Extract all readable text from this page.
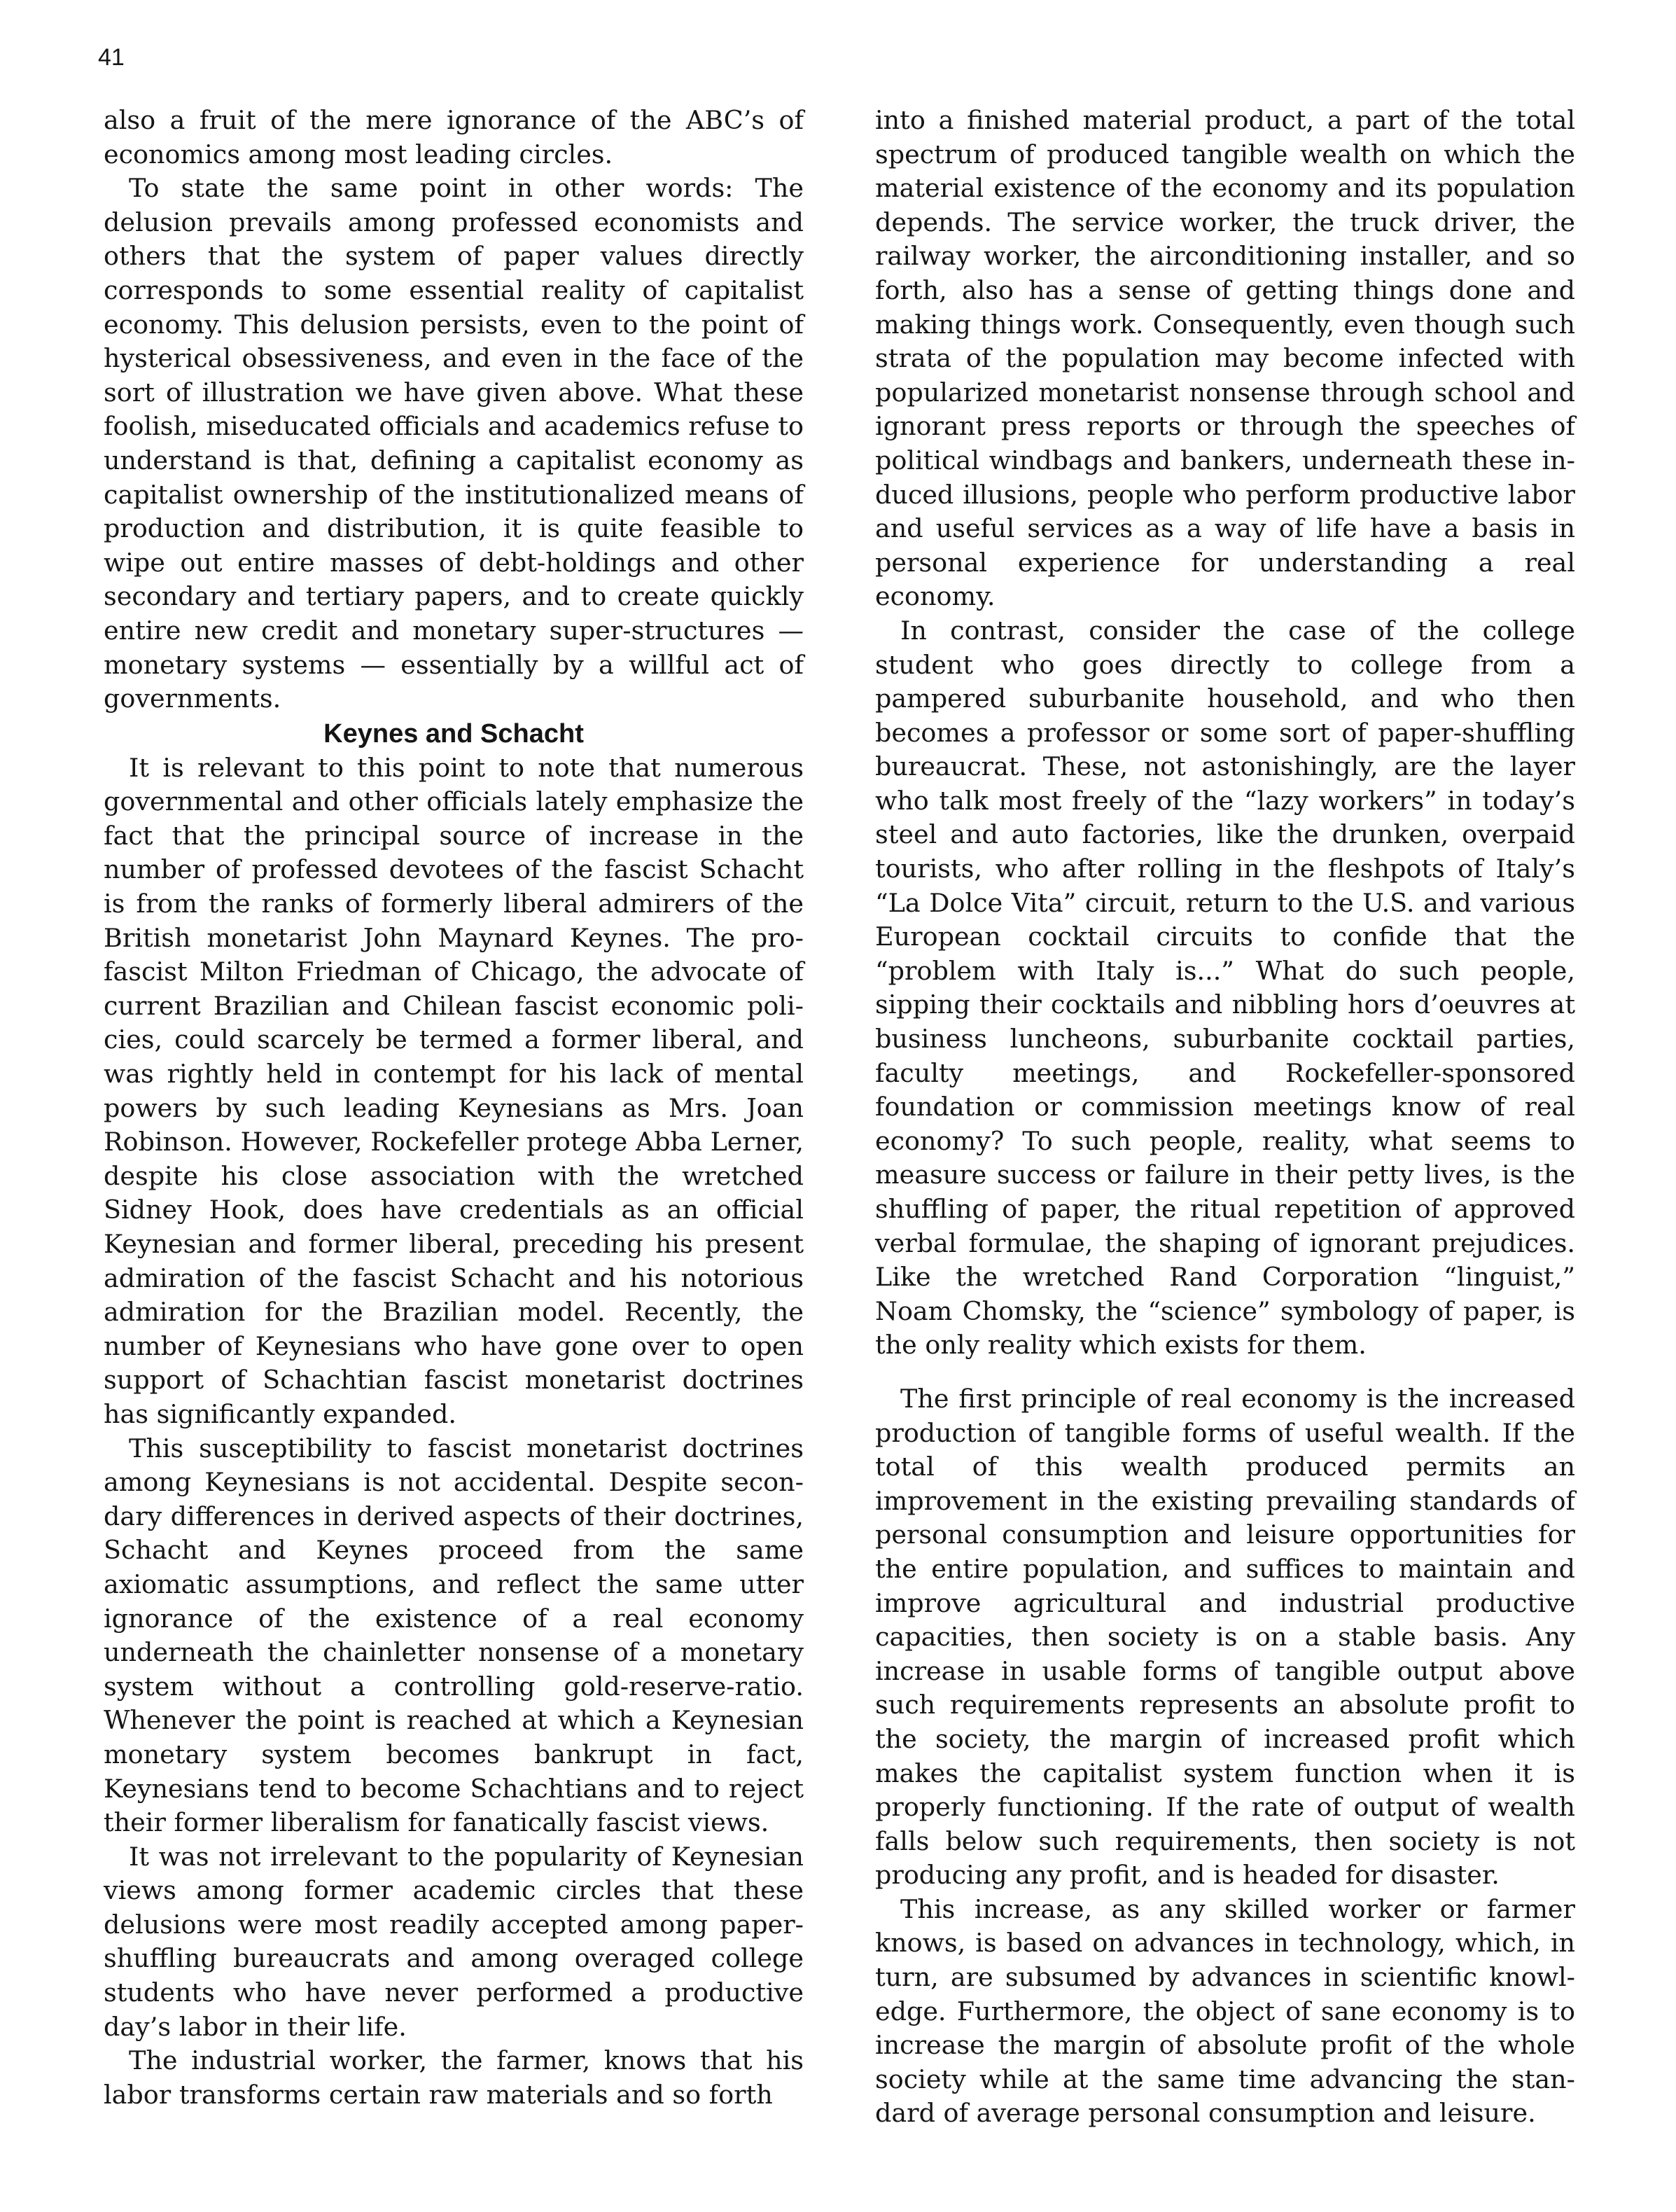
41

also a fruit of the mere ignorance of the ABC’s of economics among most leading circles.

To state the same point in other words: The delusion prevails among professed economists and others that the system of paper values directly corresponds to some essential reality of capitalist economy. This delusion persists, even to the point of hysterical obsessiveness, and even in the face of the sort of illustration we have given above. What these foolish, miseducated officials and academics refuse to understand is that, defining a capitalist economy as capitalist ownership of the institutionalized means of production and distribution, it is quite feasible to wipe out entire masses of debt-holdings and other secondary and tertiary papers, and to create quickly entire new credit and monetary super-structures — monetary systems — essentially by a willful act of governments.

Keynes and Schacht

It is relevant to this point to note that numerous governmental and other officials lately emphasize the fact that the principal source of increase in the number of professed devotees of the fascist Schacht is from the ranks of formerly liberal admirers of the British monetarist John Maynard Keynes. The profascist Milton Friedman of Chicago, the advocate of current Brazilian and Chilean fascist economic policies, could scarcely be termed a former liberal, and was rightly held in contempt for his lack of mental powers by such leading Keynesians as Mrs. Joan Robinson. However, Rockefeller protege Abba Lerner, despite his close association with the wretched Sidney Hook, does have credentials as an official Keynesian and former liberal, preceding his present admiration of the fascist Schacht and his notorious admiration for the Brazilian model. Recently, the number of Keynesians who have gone over to open support of Schachtian fascist monetarist doctrines has significantly expanded.

This susceptibility to fascist monetarist doctrines among Keynesians is not accidental. Despite secondary differences in derived aspects of their doctrines, Schacht and Keynes proceed from the same axiomatic assumptions, and reflect the same utter ignorance of the existence of a real economy underneath the chainletter nonsense of a monetary system without a controlling gold-reserve-ratio. Whenever the point is reached at which a Keynesian monetary system becomes bankrupt in fact, Keynesians tend to become Schachtians and to reject their former liberalism for fanatically fascist views.

It was not irrelevant to the popularity of Keynesian views among former academic circles that these delusions were most readily accepted among paper-shuffling bureaucrats and among overaged college students who have never performed a productive day’s labor in their life.

The industrial worker, the farmer, knows that his labor transforms certain raw materials and so forth

into a finished material product, a part of the total spectrum of produced tangible wealth on which the material existence of the economy and its population depends. The service worker, the truck driver, the railway worker, the airconditioning installer, and so forth, also has a sense of getting things done and making things work. Consequently, even though such strata of the population may become infected with popularized monetarist nonsense through school and ignorant press reports or through the speeches of political windbags and bankers, underneath these induced illusions, people who perform productive labor and useful services as a way of life have a basis in personal experience for understanding a real economy.

In contrast, consider the case of the college student who goes directly to college from a pampered suburbanite household, and who then becomes a professor or some sort of paper-shuffling bureaucrat. These, not astonishingly, are the layer who talk most freely of the “lazy workers” in today’s steel and auto factories, like the drunken, overpaid tourists, who after rolling in the fleshpots of Italy’s “La Dolce Vita” circuit, return to the U.S. and various European cocktail circuits to confide that the “problem with Italy is...” What do such people, sipping their cocktails and nibbling hors d’oeuvres at business luncheons, suburbanite cocktail parties, faculty meetings, and Rockefeller-sponsored foundation or commission meetings know of real economy? To such people, reality, what seems to measure success or failure in their petty lives, is the shuffling of paper, the ritual repetition of approved verbal formulae, the shaping of ignorant prejudices. Like the wretched Rand Corporation “linguist,” Noam Chomsky, the “science” symbology of paper, is the only reality which exists for them.

The first principle of real economy is the increased production of tangible forms of useful wealth. If the total of this wealth produced permits an improvement in the existing prevailing standards of personal consumption and leisure opportunities for the entire population, and suffices to maintain and improve agricultural and industrial productive capacities, then society is on a stable basis. Any increase in usable forms of tangible output above such requirements represents an absolute profit to the society, the margin of increased profit which makes the capitalist system function when it is properly functioning. If the rate of output of wealth falls below such requirements, then society is not producing any profit, and is headed for disaster.

This increase, as any skilled worker or farmer knows, is based on advances in technology, which, in turn, are subsumed by advances in scientific knowledge. Furthermore, the object of sane economy is to increase the margin of absolute profit of the whole society while at the same time advancing the standard of average personal consumption and leisure.
